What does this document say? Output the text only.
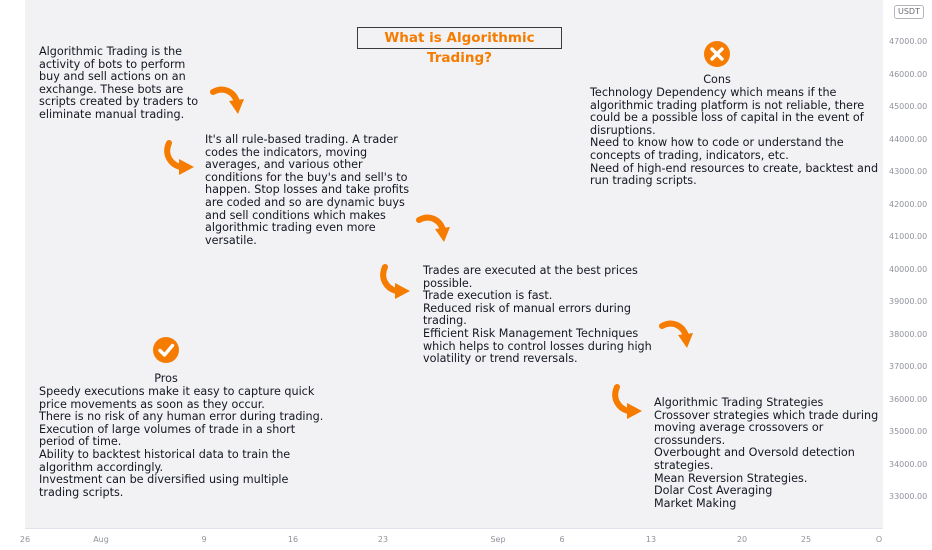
USDT
47000.00
46000.00
45000.00
44000.00
43000.00
42000.00
41000.00
40000.00
39000.00
38000.00
37000.00
36000.00
35000.00
34000.00
33000.00
26	Aug	9	16	23	Sep	6	13	20	25	O
What is Algorithmic Trading?
Algorithmic Trading is the
activity of bots to perform
buy and sell actions on an
exchange. These bots are
scripts created by traders to
eliminate manual trading.
It's all rule-based trading. A trader
codes the indicators, moving
averages, and various other
conditions for the buy's and sell's to
happen. Stop losses and take profits
are coded and so are dynamic buys
and sell conditions which makes
algorithmic trading even more
versatile.
Trades are executed at the best prices
possible.
Trade execution is fast.
Reduced risk of manual errors during
trading.
Efficient Risk Management Techniques
which helps to control losses during high
volatility or trend reversals.
Technology Dependency which means if the
algorithmic trading platform is not reliable, there
could be a possible loss of capital in the event of
disruptions.
Need to know how to code or understand the
concepts of trading, indicators, etc.
Need of high-end resources to create, backtest and
run trading scripts.
Speedy executions make it easy to capture quick
price movements as soon as they occur.
There is no risk of any human error during trading.
Execution of large volumes of trade in a short
period of time.
Ability to backtest historical data to train the
algorithm accordingly.
Investment can be diversified using multiple
trading scripts.
Algorithmic Trading Strategies
Crossover strategies which trade during
moving average crossovers or
crossunders.
Overbought and Oversold detection
strategies.
Mean Reversion Strategies.
Dolar Cost Averaging
Market Making
Cons
Pros
